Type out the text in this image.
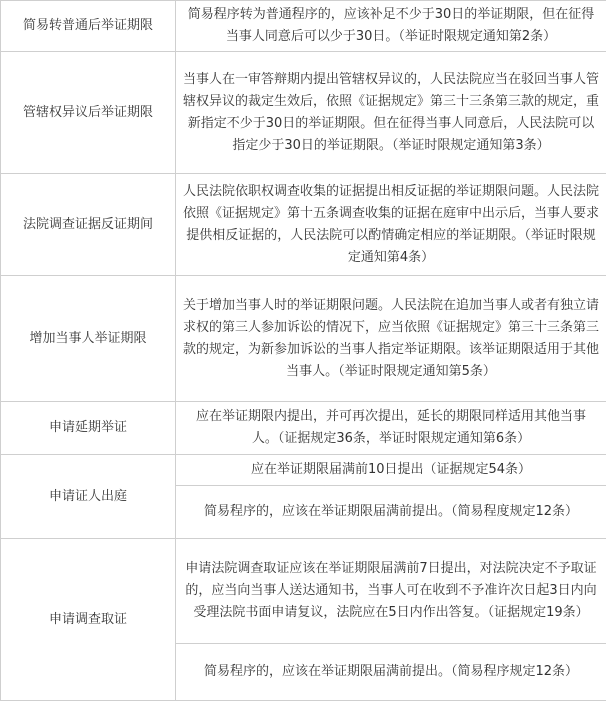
简易转普通后举证期限	简易程序转为普通程序的，应该补足不少于30日的举证期限，但在征得当事人同意后可以少于30日。（举证时限规定通知第2条）
管辖权异议后举证期限	当事人在一审答辩期内提出管辖权异议的，人民法院应当在驳回当事人管辖权异议的裁定生效后，依照《证据规定》第三十三条第三款的规定，重新指定不少于30日的举证期限。但在征得当事人同意后，人民法院可以指定少于30日的举证期限。（举证时限规定通知第3条）
法院调查证据反证期间	人民法院依职权调查收集的证据提出相反证据的举证期限问题。人民法院依照《证据规定》第十五条调查收集的证据在庭审中出示后，当事人要求提供相反证据的，人民法院可以酌情确定相应的举证期限。（举证时限规定通知第4条）
增加当事人举证期限	关于增加当事人时的举证期限问题。人民法院在追加当事人或者有独立请求权的第三人参加诉讼的情况下，应当依照《证据规定》第三十三条第三款的规定，为新参加诉讼的当事人指定举证期限。该举证期限适用于其他当事人。（举证时限规定通知第5条）
申请延期举证	应在举证期限内提出，并可再次提出，延长的期限同样适用其他当事人。（证据规定36条，举证时限规定通知第6条）
申请证人出庭	应在举证期限届满前10日提出（证据规定54条）
	简易程序的，应该在举证期限届满前提出。（简易程度规定12条）
申请调查取证	申请法院调查取证应该在举证期限届满前7日提出，对法院决定不予取证的，应当向当事人送达通知书，当事人可在收到不予准许次日起3日内向受理法院书面申请复议，法院应在5日内作出答复。（证据规定19条）
	简易程序的，应该在举证期限届满前提出。（简易程序规定12条）
